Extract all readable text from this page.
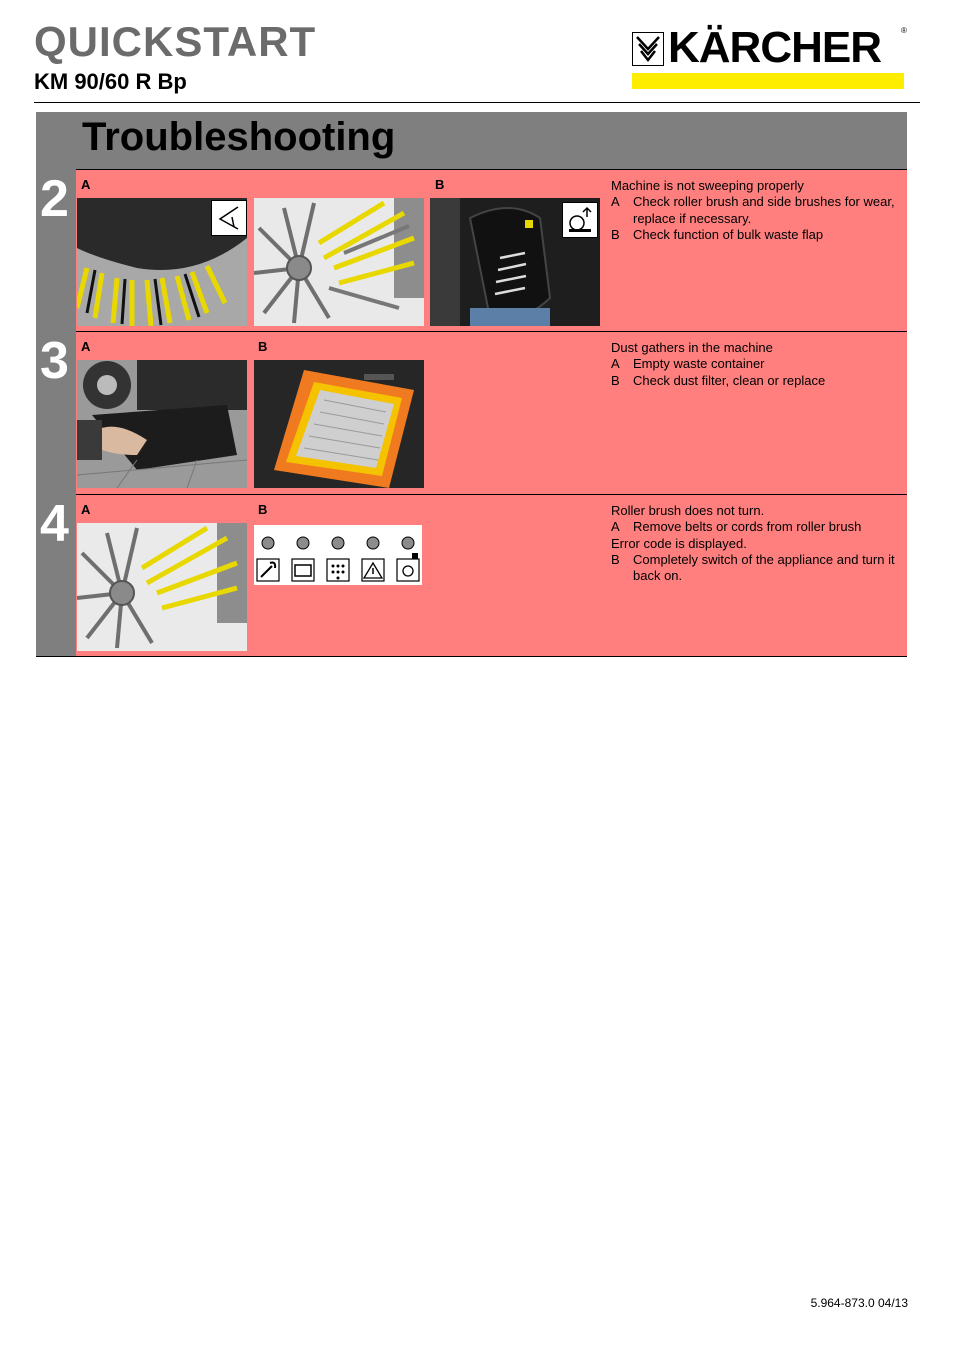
QUICKSTART
KM 90/60 R Bp
KÄRCHER	®
Troubleshooting
A	B	Machine is not sweeping properly
A	Check roller brush and side brushes for wear, replace if necessary.
B	Check function of bulk waste flap
A	B	Dust gathers in the machine
A	Empty waste container
B	Check dust filter, clean or replace
A	B	Roller brush does not turn.
A	Remove belts or cords from roller brush
Error code is displayed.
B	Completely switch of the appliance and turn it back on.
2
3
4
5.964-873.0 04/13
